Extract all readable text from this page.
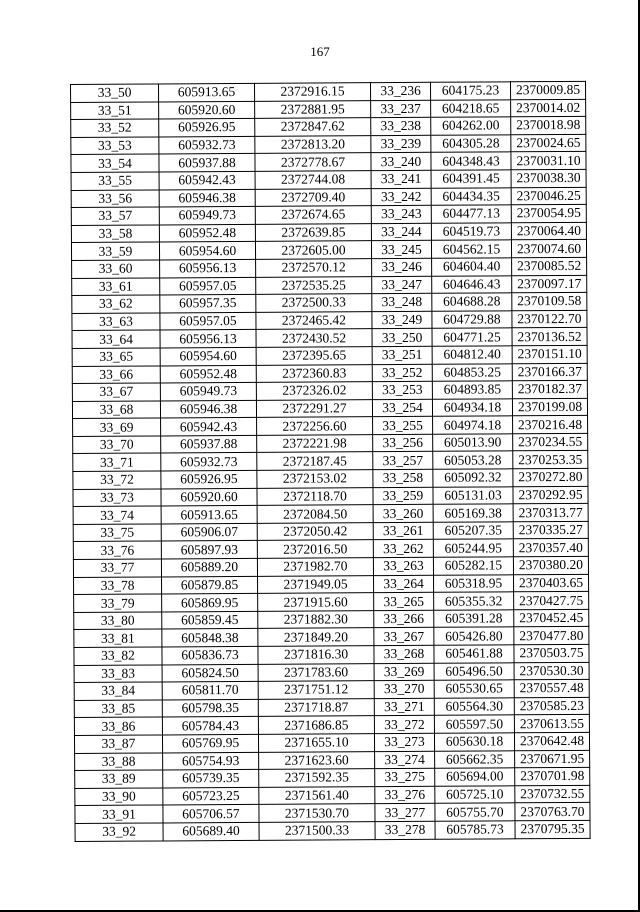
167
33_50	605913.65	2372916.15	33_236	604175.23	2370009.85
33_51	605920.60	2372881.95	33_237	604218.65	2370014.02
33_52	605926.95	2372847.62	33_238	604262.00	2370018.98
33_53	605932.73	2372813.20	33_239	604305.28	2370024.65
33_54	605937.88	2372778.67	33_240	604348.43	2370031.10
33_55	605942.43	2372744.08	33_241	604391.45	2370038.30
33_56	605946.38	2372709.40	33_242	604434.35	2370046.25
33_57	605949.73	2372674.65	33_243	604477.13	2370054.95
33_58	605952.48	2372639.85	33_244	604519.73	2370064.40
33_59	605954.60	2372605.00	33_245	604562.15	2370074.60
33_60	605956.13	2372570.12	33_246	604604.40	2370085.52
33_61	605957.05	2372535.25	33_247	604646.43	2370097.17
33_62	605957.35	2372500.33	33_248	604688.28	2370109.58
33_63	605957.05	2372465.42	33_249	604729.88	2370122.70
33_64	605956.13	2372430.52	33_250	604771.25	2370136.52
33_65	605954.60	2372395.65	33_251	604812.40	2370151.10
33_66	605952.48	2372360.83	33_252	604853.25	2370166.37
33_67	605949.73	2372326.02	33_253	604893.85	2370182.37
33_68	605946.38	2372291.27	33_254	604934.18	2370199.08
33_69	605942.43	2372256.60	33_255	604974.18	2370216.48
33_70	605937.88	2372221.98	33_256	605013.90	2370234.55
33_71	605932.73	2372187.45	33_257	605053.28	2370253.35
33_72	605926.95	2372153.02	33_258	605092.32	2370272.80
33_73	605920.60	2372118.70	33_259	605131.03	2370292.95
33_74	605913.65	2372084.50	33_260	605169.38	2370313.77
33_75	605906.07	2372050.42	33_261	605207.35	2370335.27
33_76	605897.93	2372016.50	33_262	605244.95	2370357.40
33_77	605889.20	2371982.70	33_263	605282.15	2370380.20
33_78	605879.85	2371949.05	33_264	605318.95	2370403.65
33_79	605869.95	2371915.60	33_265	605355.32	2370427.75
33_80	605859.45	2371882.30	33_266	605391.28	2370452.45
33_81	605848.38	2371849.20	33_267	605426.80	2370477.80
33_82	605836.73	2371816.30	33_268	605461.88	2370503.75
33_83	605824.50	2371783.60	33_269	605496.50	2370530.30
33_84	605811.70	2371751.12	33_270	605530.65	2370557.48
33_85	605798.35	2371718.87	33_271	605564.30	2370585.23
33_86	605784.43	2371686.85	33_272	605597.50	2370613.55
33_87	605769.95	2371655.10	33_273	605630.18	2370642.48
33_88	605754.93	2371623.60	33_274	605662.35	2370671.95
33_89	605739.35	2371592.35	33_275	605694.00	2370701.98
33_90	605723.25	2371561.40	33_276	605725.10	2370732.55
33_91	605706.57	2371530.70	33_277	605755.70	2370763.70
33_92	605689.40	2371500.33	33_278	605785.73	2370795.35
